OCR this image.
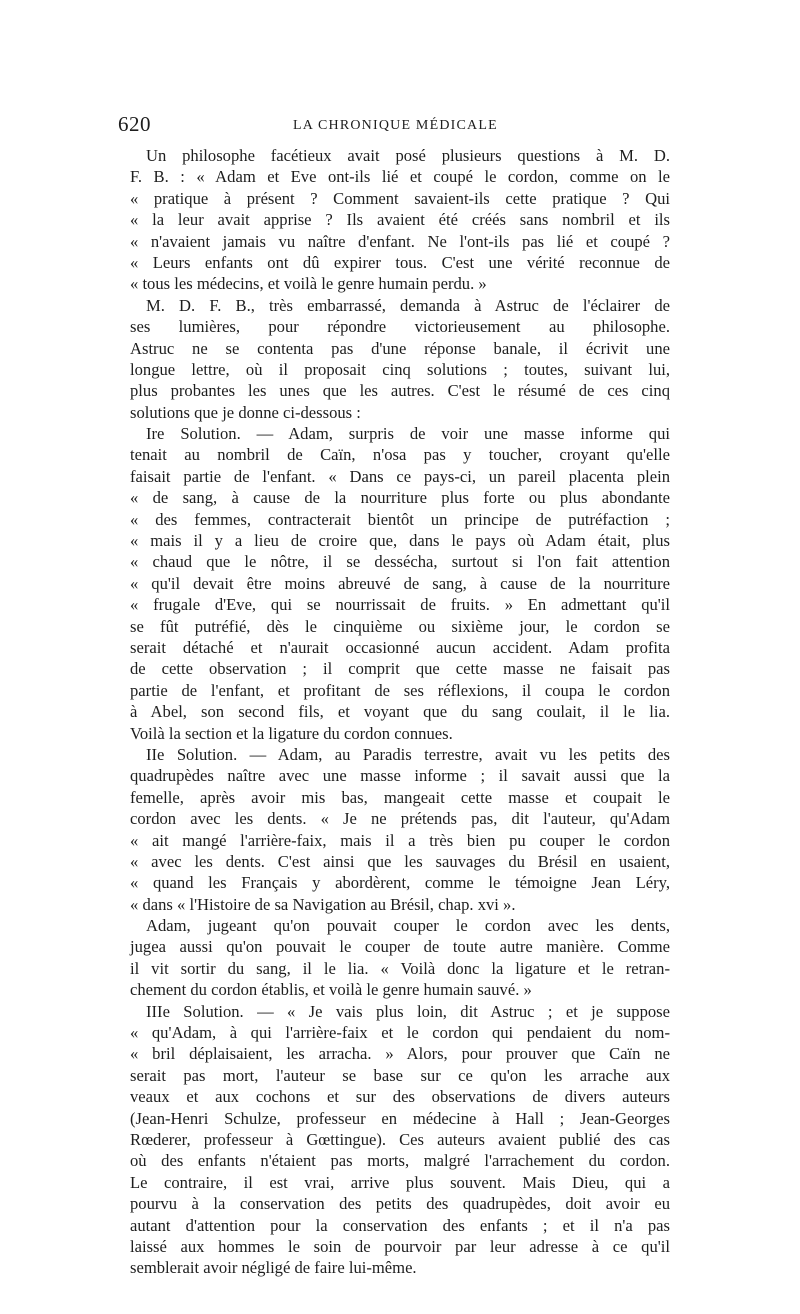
620	LA CHRONIQUE MÉDICALE
Un philosophe facétieux avait posé plusieurs questions à M. D.
F. B. : « Adam et Eve ont-ils lié et coupé le cordon, comme on le
« pratique à présent ? Comment savaient-ils cette pratique ? Qui
« la leur avait apprise ? Ils avaient été créés sans nombril et ils
« n'avaient jamais vu naître d'enfant. Ne l'ont-ils pas lié et coupé ?
« Leurs enfants ont dû expirer tous. C'est une vérité reconnue de
« tous les médecins, et voilà le genre humain perdu. »
M. D. F. B., très embarrassé, demanda à Astruc de l'éclairer de
ses lumières, pour répondre victorieusement au philosophe.
Astruc ne se contenta pas d'une réponse banale, il écrivit une
longue lettre, où il proposait cinq solutions ; toutes, suivant lui,
plus probantes les unes que les autres. C'est le résumé de ces cinq
solutions que je donne ci-dessous :
Ire Solution. — Adam, surpris de voir une masse informe qui
tenait au nombril de Caïn, n'osa pas y toucher, croyant qu'elle
faisait partie de l'enfant. « Dans ce pays-ci, un pareil placenta plein
« de sang, à cause de la nourriture plus forte ou plus abondante
« des femmes, contracterait bientôt un principe de putréfaction ;
« mais il y a lieu de croire que, dans le pays où Adam était, plus
« chaud que le nôtre, il se dessécha, surtout si l'on fait attention
« qu'il devait être moins abreuvé de sang, à cause de la nourriture
« frugale d'Eve, qui se nourrissait de fruits. » En admettant qu'il
se fût putréfié, dès le cinquième ou sixième jour, le cordon se
serait détaché et n'aurait occasionné aucun accident. Adam profita
de cette observation ; il comprit que cette masse ne faisait pas
partie de l'enfant, et profitant de ses réflexions, il coupa le cordon
à Abel, son second fils, et voyant que du sang coulait, il le lia.
Voilà la section et la ligature du cordon connues.
IIe Solution. — Adam, au Paradis terrestre, avait vu les petits des
quadrupèdes naître avec une masse informe ; il savait aussi que la
femelle, après avoir mis bas, mangeait cette masse et coupait le
cordon avec les dents. « Je ne prétends pas, dit l'auteur, qu'Adam
« ait mangé l'arrière-faix, mais il a très bien pu couper le cordon
« avec les dents. C'est ainsi que les sauvages du Brésil en usaient,
« quand les Français y abordèrent, comme le témoigne Jean Léry,
« dans « l'Histoire de sa Navigation au Brésil, chap. xvi ».
Adam, jugeant qu'on pouvait couper le cordon avec les dents,
jugea aussi qu'on pouvait le couper de toute autre manière. Comme
il vit sortir du sang, il le lia. « Voilà donc la ligature et le retran-
chement du cordon établis, et voilà le genre humain sauvé. »
IIIe Solution. — « Je vais plus loin, dit Astruc ; et je suppose
« qu'Adam, à qui l'arrière-faix et le cordon qui pendaient du nom-
« bril déplaisaient, les arracha. » Alors, pour prouver que Caïn ne
serait pas mort, l'auteur se base sur ce qu'on les arrache aux
veaux et aux cochons et sur des observations de divers auteurs
(Jean-Henri Schulze, professeur en médecine à Hall ; Jean-Georges
Rœderer, professeur à Gœttingue). Ces auteurs avaient publié des cas
où des enfants n'étaient pas morts, malgré l'arrachement du cordon.
Le contraire, il est vrai, arrive plus souvent. Mais Dieu, qui a
pourvu à la conservation des petits des quadrupèdes, doit avoir eu
autant d'attention pour la conservation des enfants ; et il n'a pas
laissé aux hommes le soin de pourvoir par leur adresse à ce qu'il
semblerait avoir négligé de faire lui-même.
